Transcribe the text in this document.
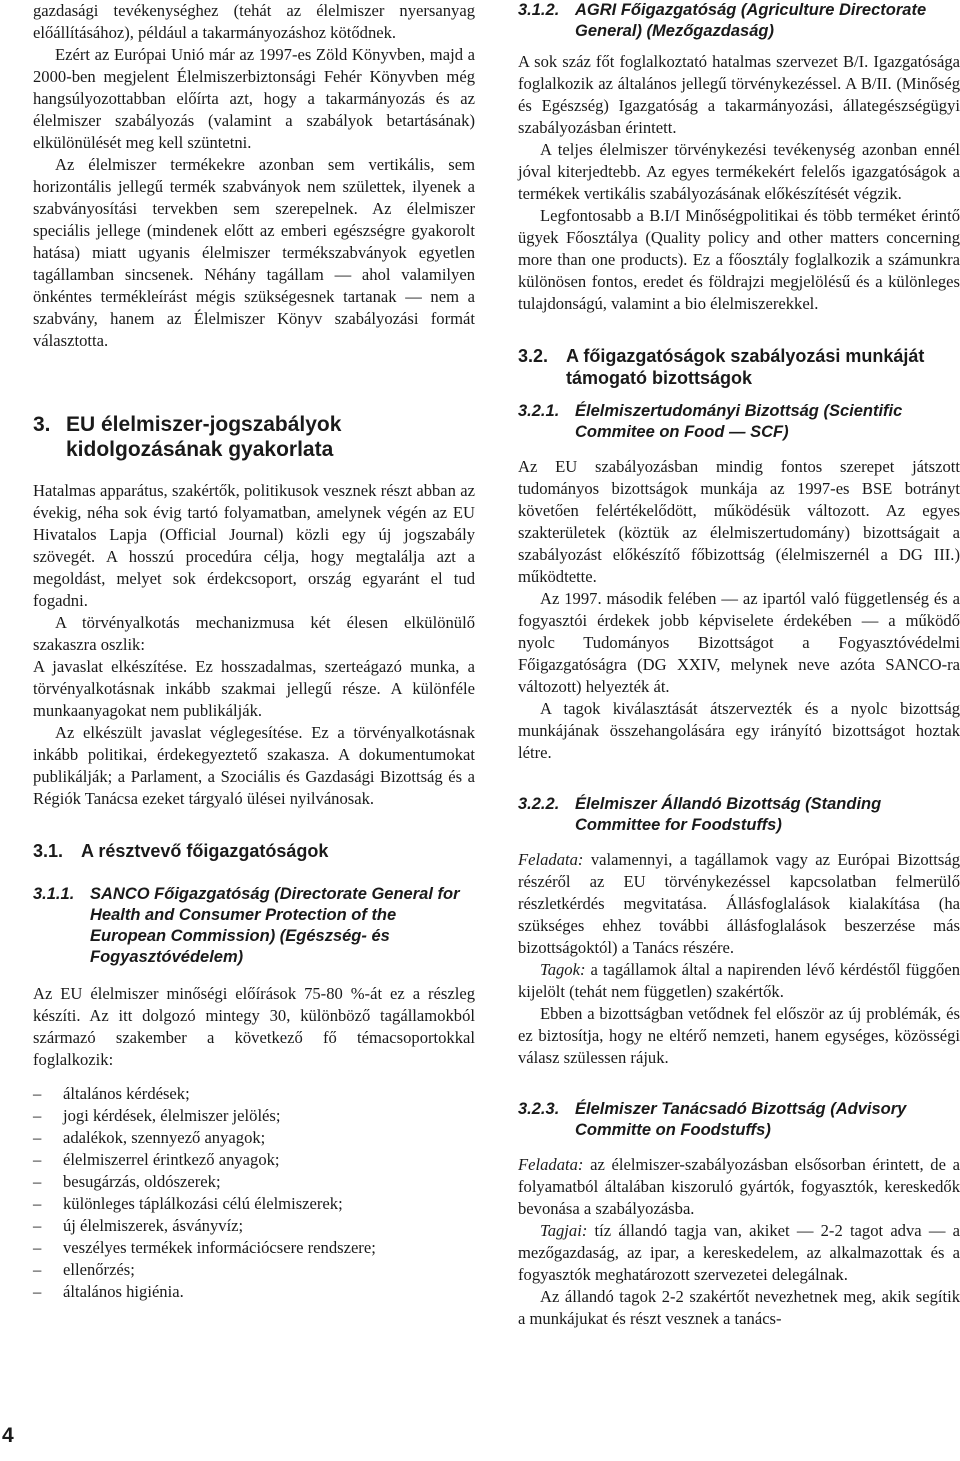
gazdasági tevékenységhez (tehát az élelmiszer nyersanyag előállításához), például a takarmányozáshoz kötődnek.

Ezért az Európai Unió már az 1997-es Zöld Könyvben, majd a 2000-ben megjelent Élelmiszerbiztonsági Fehér Könyvben még hangsúlyozottabban előírta azt, hogy a takarmányozás és az élelmiszer szabályozás (valamint a szabályok betartásának) elkülönülését meg kell szüntetni.

Az élelmiszer termékekre azonban sem vertikális, sem horizontális jellegű termék szabványok nem születtek, ilyenek a szabványosítási tervekben sem szerepelnek. Az élelmiszer speciális jellege (mindenek előtt az emberi egészségre gyakorolt hatása) miatt ugyanis élelmiszer termékszabványok egyetlen tagállamban sincsenek. Néhány tagállam — ahol valamilyen önkéntes termékleírást mégis szükségesnek tartanak — nem a szabvány, hanem az Élelmiszer Könyv szabályozási formát választotta.

3. EU élelmiszer-jogszabályok kidolgozásának gyakorlata

Hatalmas apparátus, szakértők, politikusok vesznek részt abban az évekig, néha sok évig tartó folyamatban, amelynek végén az EU Hivatalos Lapja (Official Journal) közli egy új jogszabály szövegét. A hosszú procedúra célja, hogy megtalálja azt a megoldást, melyet sok érdekcsoport, ország egyaránt el tud fogadni.

A törvényalkotás mechanizmusa két élesen elkülönülő szakaszra oszlik:

A javaslat elkészítése. Ez hosszadalmas, szerteágazó munka, a törvényalkotásnak inkább szakmai jellegű része. A különféle munkaanyagokat nem publikálják.

Az elkészült javaslat véglegesítése. Ez a törvényalkotásnak inkább politikai, érdekegyeztető szakasza. A dokumentumokat publikálják; a Parlament, a Szociális és Gazdasági Bizottság és a Régiók Tanácsa ezeket tárgyaló ülései nyilvánosak.

3.1. A résztvevő főigazgatóságok
3.1.1. SANCO Főigazgatóság (Directorate General for Health and Consumer Protection of the European Commission) (Egészség- és Fogyasztóvédelem)

Az EU élelmiszer minőségi előírások 75-80 %-át ez a részleg készíti. Az itt dolgozó mintegy 30, különböző tagállamokból származó szakember a következő fő témacsoportokkal foglalkozik:

– általános kérdések;
– jogi kérdések, élelmiszer jelölés;
– adalékok, szennyező anyagok;
– élelmiszerrel érintkező anyagok;
– besugárzás, oldószerek;
– különleges táplálkozási célú élelmiszerek;
– új élelmiszerek, ásványvíz;
– veszélyes termékek információcsere rendszere;
– ellenőrzés;
– általános higiénia.
3.1.2. AGRI Főigazgatóság (Agriculture Directorate General) (Mezőgazdaság)

A sok száz főt foglalkoztató hatalmas szervezet B/I. Igazgatósága foglalkozik az általános jellegű törvénykezéssel. A B/II. (Minőség és Egészség) Igazgatóság a takarmányozási, állategészségügyi szabályozásban érintett.

A teljes élelmiszer törvénykezési tevékenység azonban ennél jóval kiterjedtebb. Az egyes termékekért felelős igazgatóságok a termékek vertikális szabályozásának előkészítését végzik.

Legfontosabb a B.I/I Minőségpolitikai és több terméket érintő ügyek Főosztálya (Quality policy and other matters concerning more than one products). Ez a főosztály foglalkozik a számunkra különösen fontos, eredet és földrajzi megjelölésű és a különleges tulajdonságú, valamint a bio élelmiszerekkel.

3.2. A főigazgatóságok szabályozási munkáját támogató bizottságok
3.2.1. Élelmiszertudományi Bizottság (Scientific Commitee on Food — SCF)

Az EU szabályozásban mindig fontos szerepet játszott tudományos bizottságok munkája az 1997-es BSE botrányt követően felértékelődött, működésük változott. Az egyes szakterületek (köztük az élelmiszertudomány) bizottságait a szabályozást előkészítő főbizottság (élelmiszernél a DG III.) működtette.

Az 1997. második felében — az ipartól való függetlenség és a fogyasztói érdekek jobb képviselete érdekében — a működő nyolc Tudományos Bizottságot a Fogyasztóvédelmi Főigazgatóságra (DG XXIV, melynek neve azóta SANCO-ra változott) helyezték át.

A tagok kiválasztását átszervezték és a nyolc bizottság munkájának összehangolására egy irányító bizottságot hoztak létre.

3.2.2. Élelmiszer Állandó Bizottság (Standing Committee for Foodstuffs)

Feladata: valamennyi, a tagállamok vagy az Európai Bizottság részéről az EU törvénykezéssel kapcsolatban felmerülő részletkérdés megvitatása. Állásfoglalások kialakítása (ha szükséges ehhez további állásfoglalások beszerzése más bizottságoktól) a Tanács részére.

Tagok: a tagállamok által a napirenden lévő kérdéstől függően kijelölt (tehát nem független) szakértők.

Ebben a bizottságban vetődnek fel először az új problémák, és ez biztosítja, hogy ne eltérő nemzeti, hanem egységes, közösségi válasz szülessen rájuk.

3.2.3. Élelmiszer Tanácsadó Bizottság (Advisory Committe on Foodstuffs)

Feladata: az élelmiszer-szabályozásban elsősorban érintett, de a folyamatból általában kiszoruló gyártók, fogyasztók, kereskedők bevonása a szabályozásba.

Tagjai: tíz állandó tagja van, akiket — 2-2 tagot adva — a mezőgazdaság, az ipar, a kereskedelem, az alkalmazottak és a fogyasztók meghatározott szervezetei delegálnak.

Az állandó tagok 2-2 szakértőt nevezhetnek meg, akik segítik a munkájukat és részt vesznek a tanács-

4
